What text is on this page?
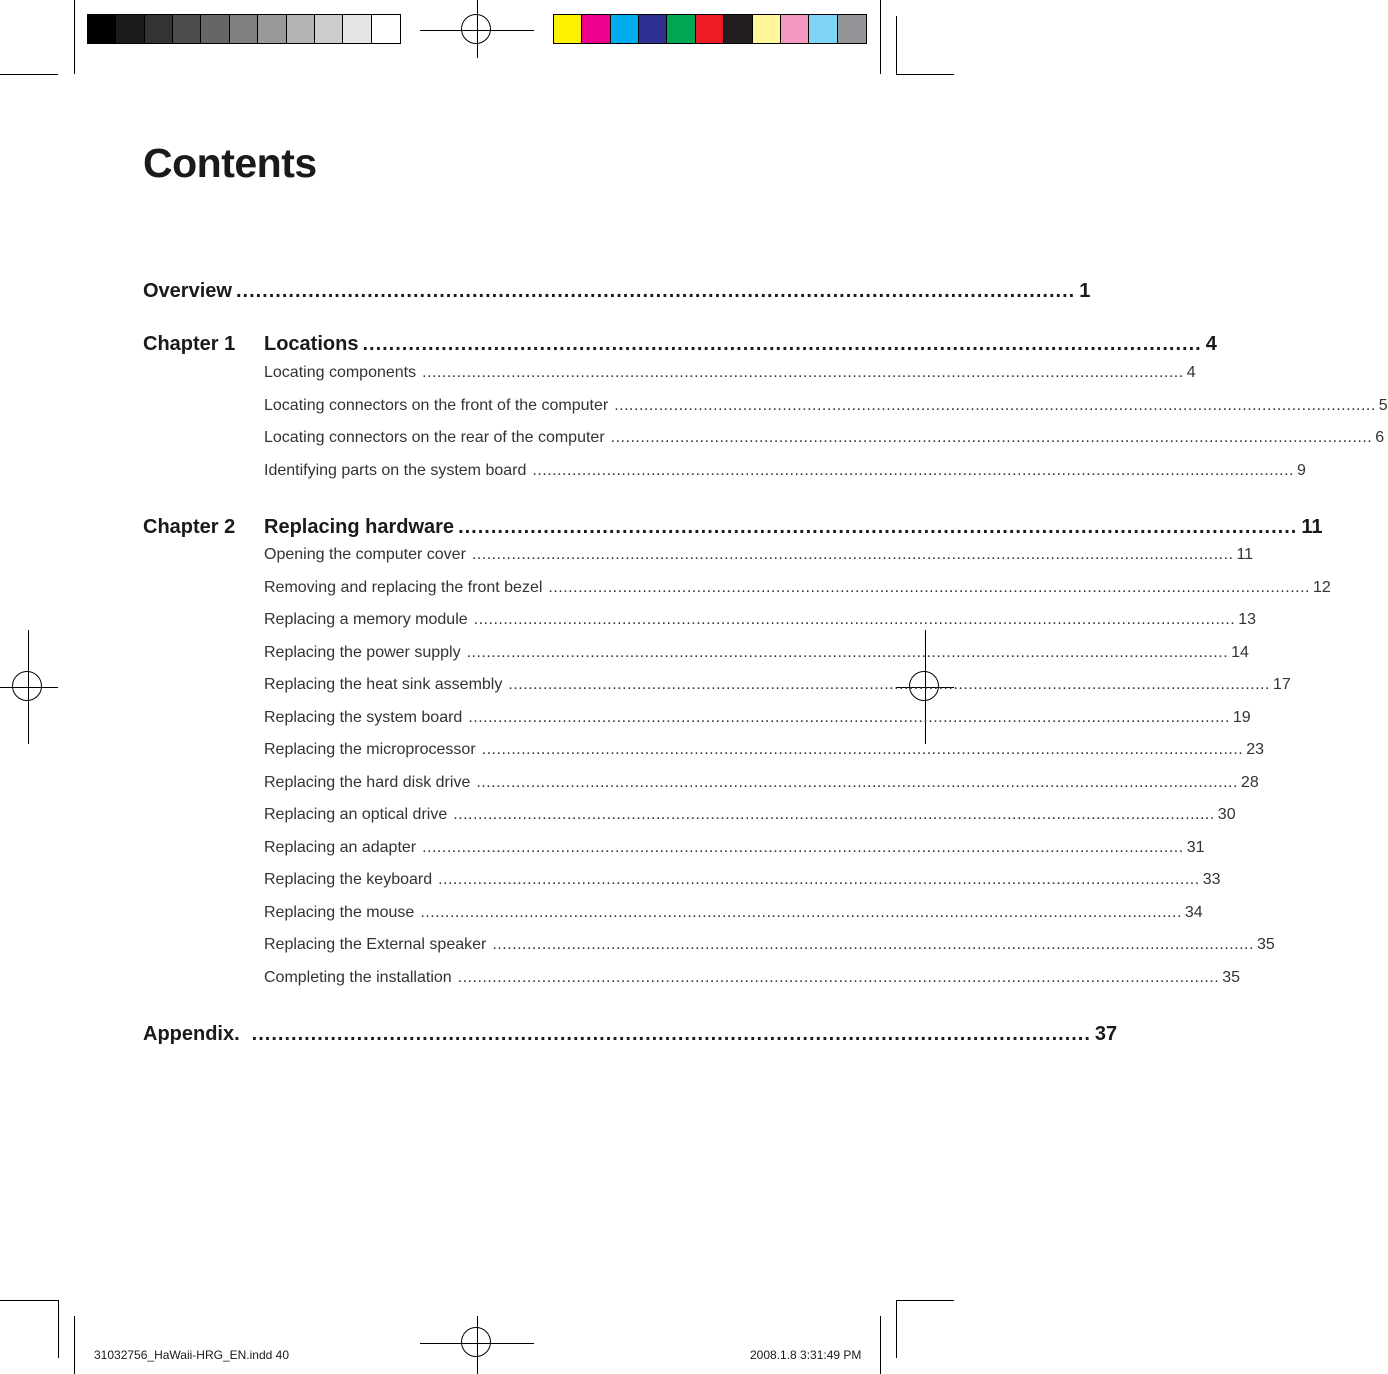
Contents
Overview ................................................................................................................................ 1
Chapter 1	Locations ................................................................................................................................ 4
Locating components .......................................................................................................................................................... 4
Locating connectors on the front of the computer .......................................................................................................................................................... 5
Locating connectors on the rear of the computer .......................................................................................................................................................... 6
Identifying parts on the system board .......................................................................................................................................................... 9
Chapter 2	Replacing hardware ................................................................................................................................ 11
Opening the computer cover .......................................................................................................................................................... 11
Removing and replacing the front bezel .......................................................................................................................................................... 12
Replacing a memory module .......................................................................................................................................................... 13
Replacing the power supply .......................................................................................................................................................... 14
Replacing the heat sink assembly .......................................................................................................................................................... 17
Replacing the system board .......................................................................................................................................................... 19
Replacing the microprocessor .......................................................................................................................................................... 23
Replacing the hard disk drive .......................................................................................................................................................... 28
Replacing an optical drive .......................................................................................................................................................... 30
Replacing an adapter .......................................................................................................................................................... 31
Replacing the keyboard .......................................................................................................................................................... 33
Replacing the mouse .......................................................................................................................................................... 34
Replacing the External speaker .......................................................................................................................................................... 35
Completing the installation .......................................................................................................................................................... 35
Appendix. ................................................................................................................................ 37
31032756_HaWaii-HRG_EN.indd 40	2008.1.8 3:31:49 PM
